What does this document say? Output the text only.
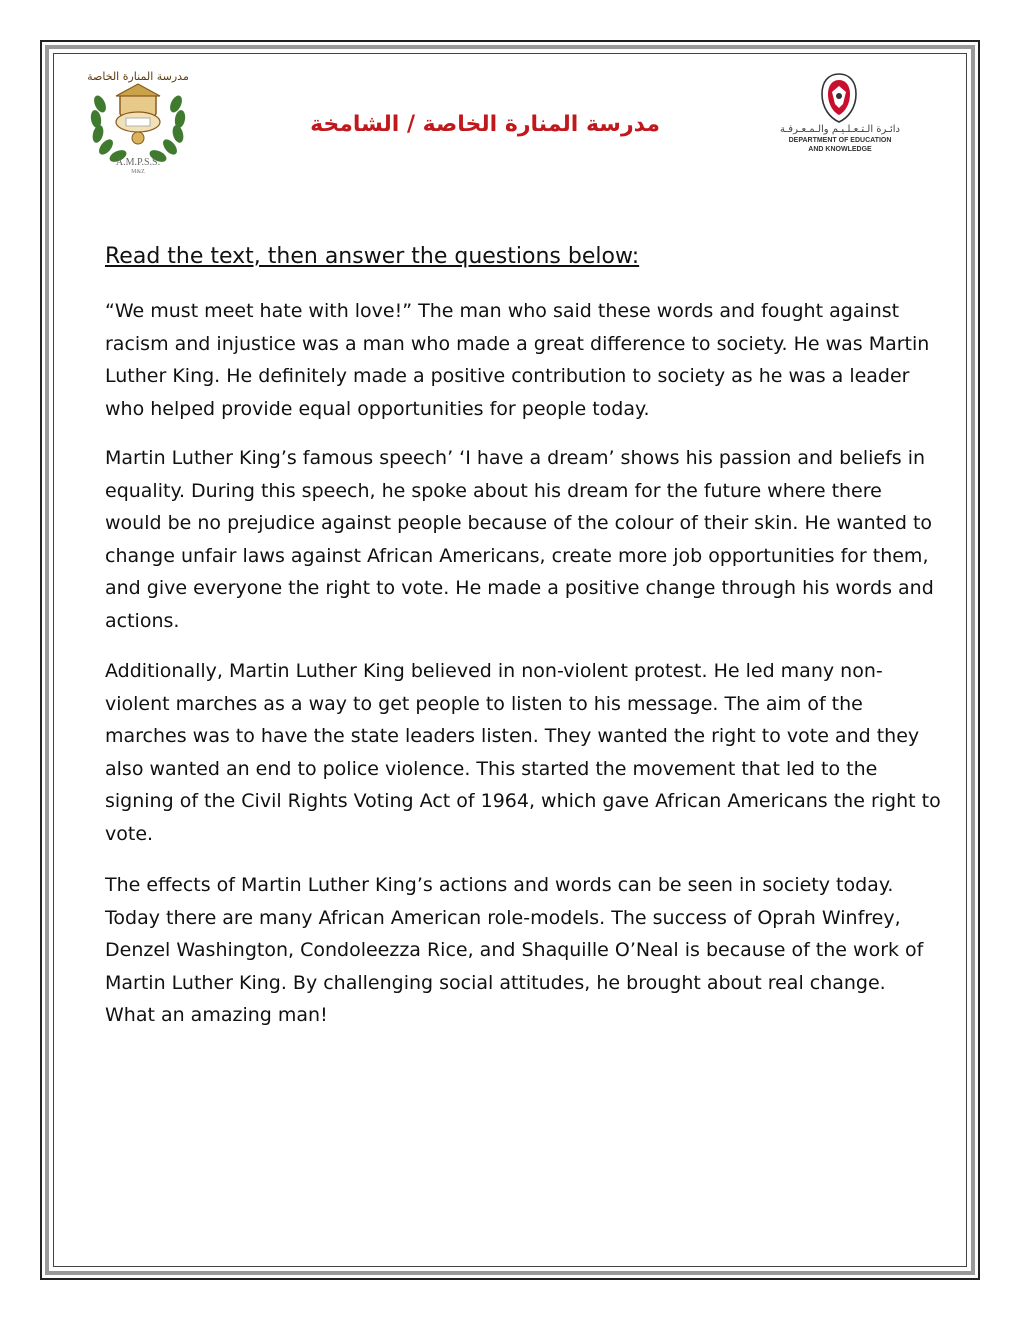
مدرسة المنارة الخاصة
A.M.P.S.S.
M&Z
مدرسة المنارة الخاصة / الشامخة	دائـرة الـتـعـلـيـم والـمـعـرفـة
DEPARTMENT OF EDUCATION
AND KNOWLEDGE
Read the text, then answer the questions below:

“We must meet hate with love!” The man who said these words and fought against
racism and injustice was a man who made a great difference to society. He was Martin
Luther King. He definitely made a positive contribution to society as he was a leader
who helped provide equal opportunities for people today.

Martin Luther King’s famous speech’ ‘I have a dream’ shows his passion and beliefs in
equality. During this speech, he spoke about his dream for the future where there
would be no prejudice against people because of the colour of their skin. He wanted to
change unfair laws against African Americans, create more job opportunities for them,
and give everyone the right to vote. He made a positive change through his words and
actions.

Additionally, Martin Luther King believed in non-violent protest. He led many non-
violent marches as a way to get people to listen to his message. The aim of the
marches was to have the state leaders listen. They wanted the right to vote and they
also wanted an end to police violence. This started the movement that led to the
signing of the Civil Rights Voting Act of 1964, which gave African Americans the right to
vote.

The effects of Martin Luther King’s actions and words can be seen in society today.
Today there are many African American role-models. The success of Oprah Winfrey,
Denzel Washington, Condoleezza Rice, and Shaquille O’Neal is because of the work of
Martin Luther King. By challenging social attitudes, he brought about real change.
What an amazing man!
